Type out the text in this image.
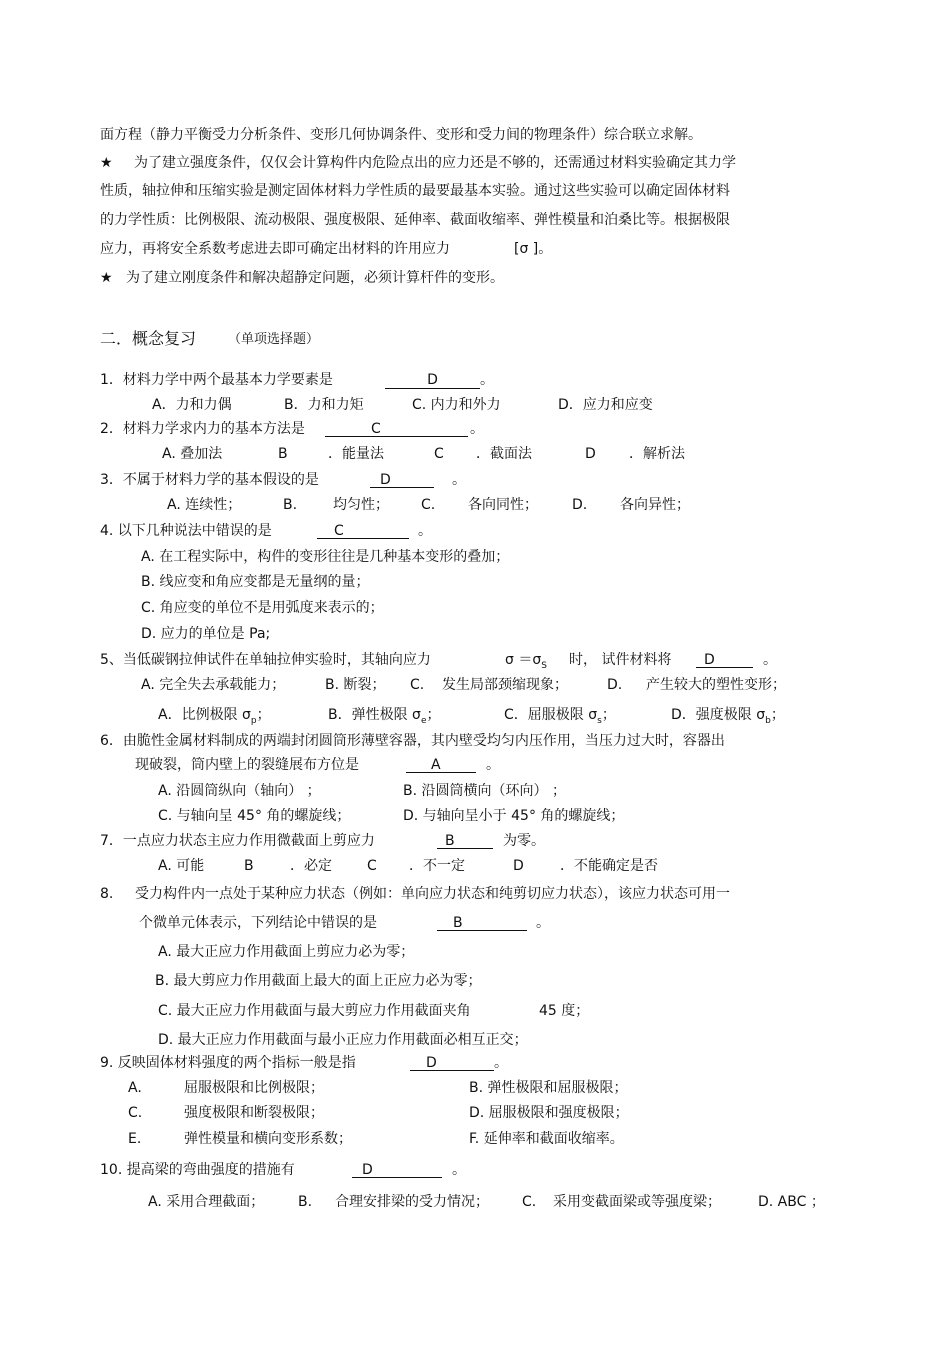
面方程（静力平衡受力分析条件、变形几何协调条件、变形和受力间的物理条件）综合联立求解。
★ 为了建立强度条件，仅仅会计算构件内危险点出的应力还是不够的，还需通过材料实验确定其力学
性质，轴拉伸和压缩实验是测定固体材料力学性质的最要最基本实验。通过这些实验可以确定固体材料
的力学性质：比例极限、流动极限、强度极限、延伸率、截面收缩率、弹性模量和泊桑比等。根据极限
应力，再将安全系数考虑进去即可确定出材料的许用应力	[σ ]。
★ 为了建立刚度条件和解决超静定问题，必须计算杆件的变形。
二．概念复习 （单项选择题）
1．材料力学中两个最基本力学要素是	D	。
A．力和力偶	B．力和力矩	C. 内力和外力	D．应力和应变
2．材料力学求内力的基本方法是	C	。
A. 叠加法	B	．能量法	C ．截面法	D ．解析法
3．不属于材料力学的基本假设的是	D	。
A. 连续性；	B.	均匀性； C. 各向同性； D. 各向异性；
4. 以下几种说法中错误的是	C	。
A. 在工程实际中，构件的变形往往是几种基本变形的叠加；
B. 线应变和角应变都是无量纲的量；
C. 角应变的单位不是用弧度来表示的；
D. 应力的单位是 Pa;
5、当低碳钢拉伸试件在单轴拉伸实验时，其轴向应力	$\sigma =\sigma_S$ 时， 试件材料将	D	。
A. 完全失去承载能力；	B. 断裂； C. 发生局部颈缩现象；	D. 产生较大的塑性变形；
A．比例极限 $\sigma_p$；	B．弹性极限 $\sigma_e$；	C．屈服极限 $\sigma_s$；	D．强度极限 $\sigma_b$；
6．由脆性金属材料制成的两端封闭圆筒形薄壁容器，其内壁受均匀内压作用，当压力过大时，容器出
现破裂，筒内壁上的裂缝展布方位是	A	。
A. 沿圆筒纵向（轴向） ；	B. 沿圆筒横向（环向） ；
C. 与轴向呈 45° 角的螺旋线；	D. 与轴向呈小于 45° 角的螺旋线；
7．一点应力状态主应力作用微截面上剪应力	B	为零。
A. 可能	B	．必定	C ．不一定	D	．不能确定是否
8. 受力构件内一点处于某种应力状态（例如：单向应力状态和纯剪切应力状态），该应力状态可用一
个微单元体表示，下列结论中错误的是	B	。
A. 最大正应力作用截面上剪应力必为零；
B. 最大剪应力作用截面上最大的面上正应力必为零；
C. 最大正应力作用截面与最大剪应力作用截面夹角	45 度；
D. 最大正应力作用截面与最小正应力作用截面必相互正交；
9. 反映固体材料强度的两个指标一般是指	D	。
A.	屈服极限和比例极限；	B. 弹性极限和屈服极限；
C.	强度极限和断裂极限；	D. 屈服极限和强度极限；
E.	弹性模量和横向变形系数；	F. 延伸率和截面收缩率。
10. 提高梁的弯曲强度的措施有	D	。
A. 采用合理截面； B. 合理安排梁的受力情况； C. 采用变截面梁或等强度梁；	D. ABC ；
